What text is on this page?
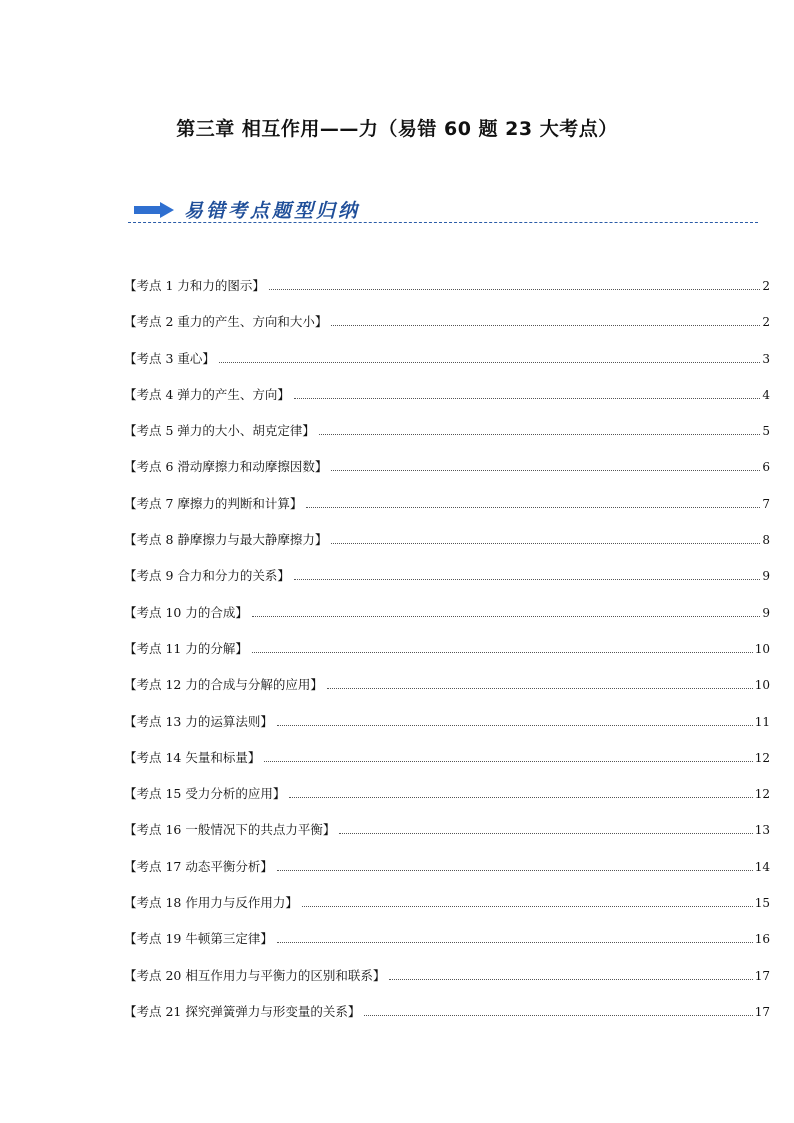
第三章 相互作用——力（易错 60 题 23 大考点）
易错考点题型归纳
【考点 1 力和力的图示】	2
【考点 2 重力的产生、方向和大小】	2
【考点 3 重心】	3
【考点 4 弹力的产生、方向】	4
【考点 5 弹力的大小、胡克定律】	5
【考点 6 滑动摩擦力和动摩擦因数】	6
【考点 7 摩擦力的判断和计算】	7
【考点 8 静摩擦力与最大静摩擦力】	8
【考点 9 合力和分力的关系】	9
【考点 10 力的合成】	9
【考点 11 力的分解】	10
【考点 12 力的合成与分解的应用】	10
【考点 13 力的运算法则】	11
【考点 14 矢量和标量】	12
【考点 15 受力分析的应用】	12
【考点 16 一般情况下的共点力平衡】	13
【考点 17 动态平衡分析】	14
【考点 18 作用力与反作用力】	15
【考点 19 牛顿第三定律】	16
【考点 20 相互作用力与平衡力的区别和联系】	17
【考点 21 探究弹簧弹力与形变量的关系】	17
